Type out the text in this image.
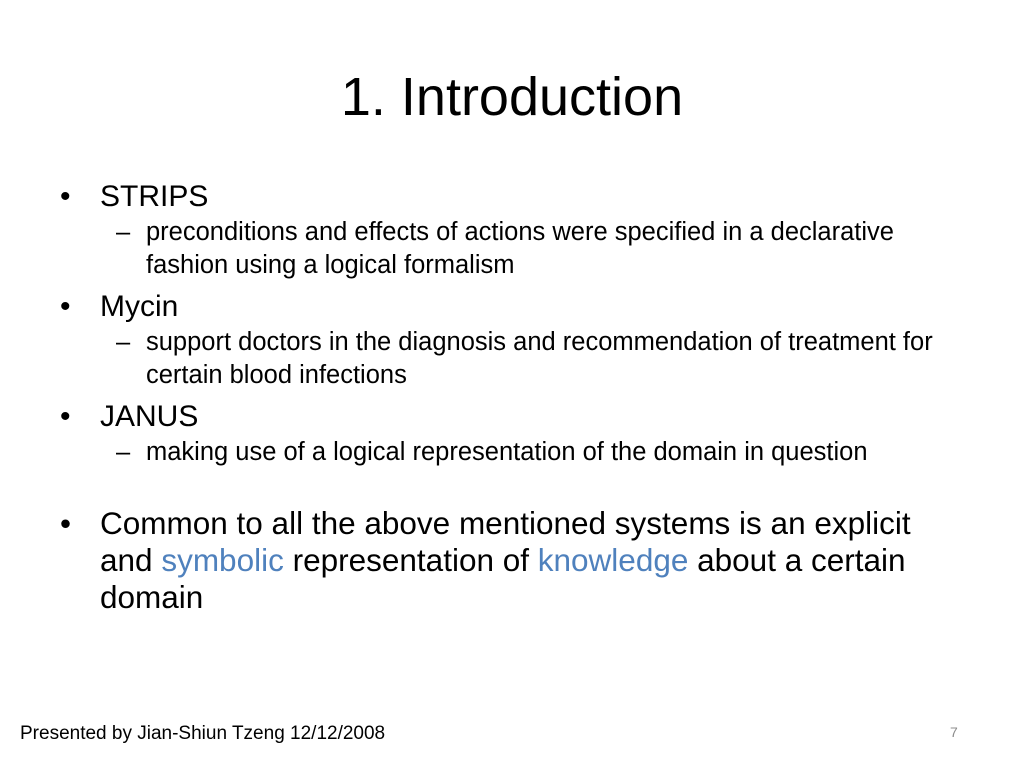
1. Introduction
• STRIPS
– preconditions and effects of actions were specified in a declarative fashion using a logical formalism
• Mycin
– support doctors in the diagnosis and recommendation of treatment for certain blood infections
• JANUS
– making use of a logical representation of the domain in question
• Common to all the above mentioned systems is an explicit and symbolic representation of knowledge about a certain domain
Presented by Jian-Shiun Tzeng 12/12/2008	7
